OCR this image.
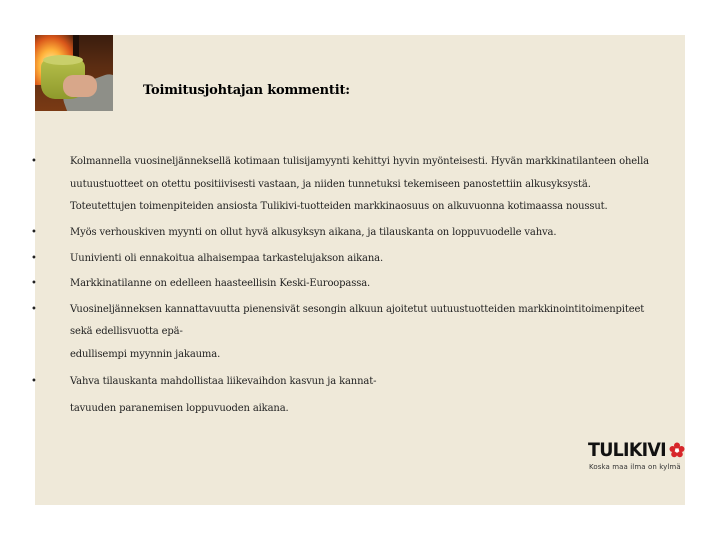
Toimitusjohtajan kommentit:
•	Kolmannella vuosineljänneksellä kotimaan tulisijamyynti kehittyi hyvin myönteisesti. Hyvän markkinatilanteen ohella
uutuustuotteet on otettu positiivisesti vastaan, ja niiden tunnetuksi tekemiseen panostettiin alkusyksystä.
Toteutettujen toimenpiteiden ansiosta Tulikivi-tuotteiden markkinaosuus on alkuvuonna kotimaassa noussut.
•	Myös verhouskiven myynti on ollut hyvä alkusyksyn aikana, ja tilauskanta on loppuvuodelle vahva.
•	Uunivienti oli ennakoitua alhaisempaa tarkastelujakson aikana.
•	Markkinatilanne on edelleen haasteellisin Keski-Euroopassa.
•	Vuosineljänneksen kannattavuutta pienensivät sesongin alkuun ajoitetut uutuustuotteiden markkinointitoimenpiteet
sekä edellisvuotta epä-
edullisempi myynnin jakauma.
•	Vahva tilauskanta mahdollistaa liikevaihdon kasvun ja kannat-
tavuuden paranemisen loppuvuoden aikana.
TULIKIVI
Koska maa ilma on kylmä
